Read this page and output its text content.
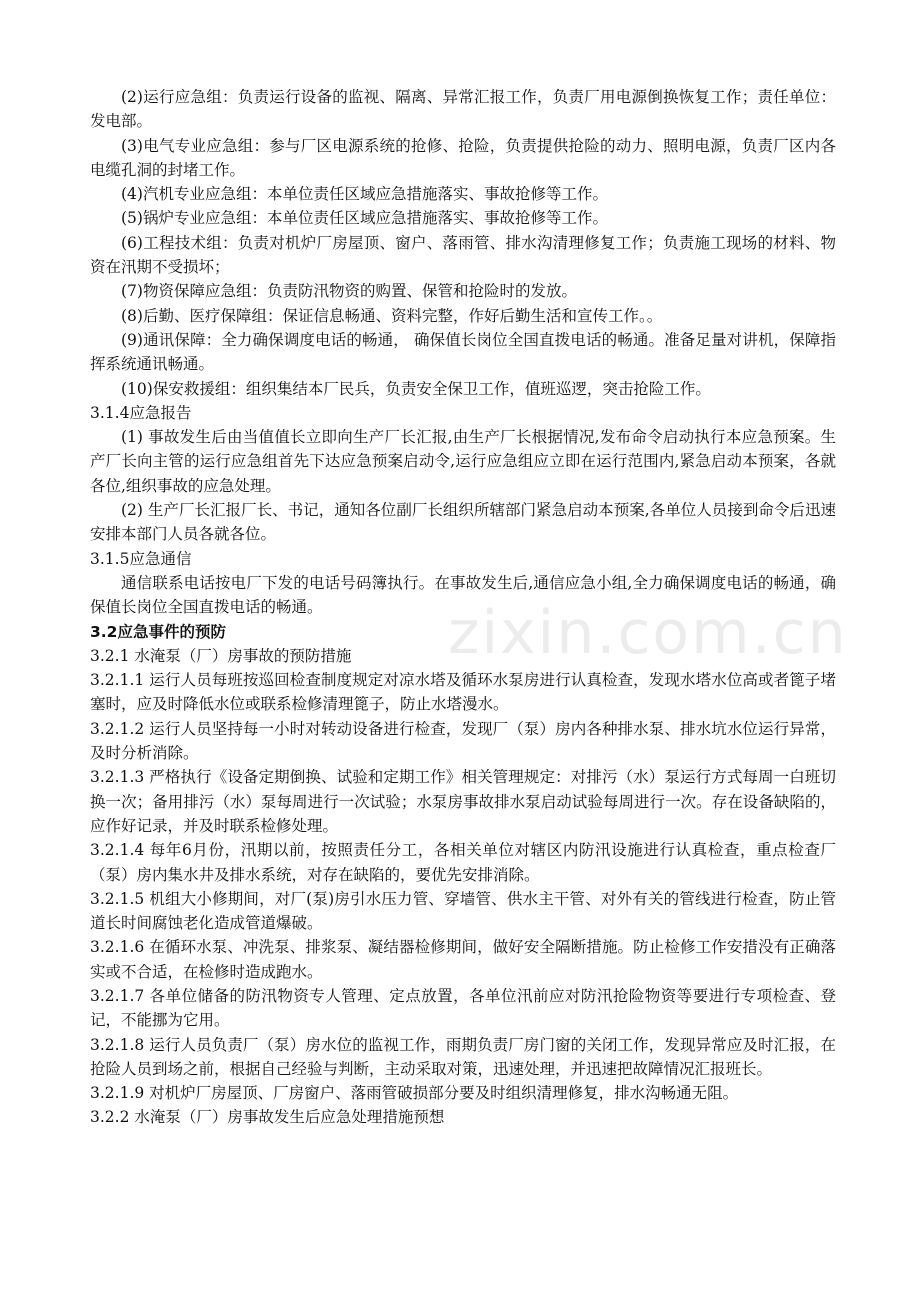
(2)运行应急组：负责运行设备的监视、隔离、异常汇报工作，负责厂用电源倒换恢复工作；责任单位：发电部。

(3)电气专业应急组：参与厂区电源系统的抢修、抢险，负责提供抢险的动力、照明电源，负责厂区内各电缆孔洞的封堵工作。

(4)汽机专业应急组：本单位责任区域应急措施落实、事故抢修等工作。

(5)锅炉专业应急组：本单位责任区域应急措施落实、事故抢修等工作。

(6)工程技术组：负责对机炉厂房屋顶、窗户、落雨管、排水沟清理修复工作；负责施工现场的材料、物资在汛期不受损坏；

(7)物资保障应急组：负责防汛物资的购置、保管和抢险时的发放。

(8)后勤、医疗保障组：保证信息畅通、资料完整，作好后勤生活和宣传工作。。

(9)通讯保障：全力确保调度电话的畅通， 确保值长岗位全国直拨电话的畅通。准备足量对讲机，保障指挥系统通讯畅通。

(10)保安救援组：组织集结本厂民兵，负责安全保卫工作，值班巡逻，突击抢险工作。

3.1.4应急报告

(1) 事故发生后由当值值长立即向生产厂长汇报,由生产厂长根据情况,发布命令启动执行本应急预案。生产厂长向主管的运行应急组首先下达应急预案启动令,运行应急组应立即在运行范围内,紧急启动本预案，各就各位,组织事故的应急处理。

(2) 生产厂长汇报厂长、书记，通知各位副厂长组织所辖部门紧急启动本预案,各单位人员接到命令后迅速安排本部门人员各就各位。

3.1.5应急通信

通信联系电话按电厂下发的电话号码簿执行。在事故发生后,通信应急小组,全力确保调度电话的畅通，确保值长岗位全国直拨电话的畅通。

3.2应急事件的预防

3.2.1 水淹泵（厂）房事故的预防措施

3.2.1.1 运行人员每班按巡回检查制度规定对凉水塔及循环水泵房进行认真检查，发现水塔水位高或者篦子堵塞时，应及时降低水位或联系检修清理篦子，防止水塔漫水。

3.2.1.2 运行人员坚持每一小时对转动设备进行检查，发现厂（泵）房内各种排水泵、排水坑水位运行异常，及时分析消除。

3.2.1.3 严格执行《设备定期倒换、试验和定期工作》相关管理规定：对排污（水）泵运行方式每周一白班切换一次；备用排污（水）泵每周进行一次试验；水泵房事故排水泵启动试验每周进行一次。存在设备缺陷的，应作好记录，并及时联系检修处理。

3.2.1.4 每年6月份，汛期以前，按照责任分工，各相关单位对辖区内防汛设施进行认真检查，重点检查厂（泵）房内集水井及排水系统，对存在缺陷的，要优先安排消除。

3.2.1.5 机组大小修期间，对厂(泵)房引水压力管、穿墙管、供水主干管、对外有关的管线进行检查，防止管道长时间腐蚀老化造成管道爆破。

3.2.1.6 在循环水泵、冲洗泵、排浆泵、凝结器检修期间，做好安全隔断措施。防止检修工作安措没有正确落实或不合适，在检修时造成跑水。

3.2.1.7 各单位储备的防汛物资专人管理、定点放置，各单位汛前应对防汛抢险物资等要进行专项检查、登记，不能挪为它用。

3.2.1.8 运行人员负责厂（泵）房水位的监视工作，雨期负责厂房门窗的关闭工作，发现异常应及时汇报，在抢险人员到场之前，根据自己经验与判断，主动采取对策，迅速处理，并迅速把故障情况汇报班长。

3.2.1.9 对机炉厂房屋顶、厂房窗户、落雨管破损部分要及时组织清理修复，排水沟畅通无阻。

3.2.2 水淹泵（厂）房事故发生后应急处理措施预想

zixin.com.cn
